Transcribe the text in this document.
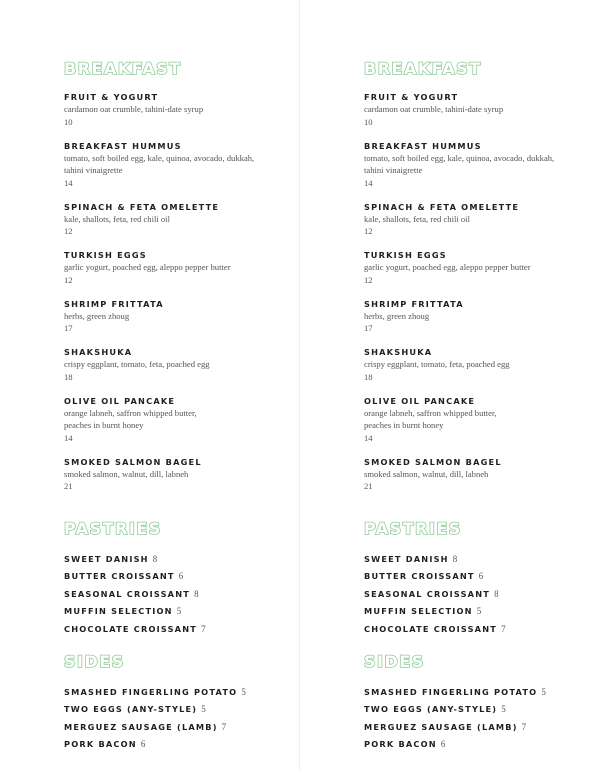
BREAKFAST
FRUIT & YOGURT
cardamon oat crumble, tahini-date syrup
10
BREAKFAST HUMMUS
tomato, soft boiled egg, kale, quinoa, avocado, dukkah, tahini vinaigrette
14
SPINACH & FETA OMELETTE
kale, shallots, feta, red chili oil
12
TURKISH EGGS
garlic yogurt, poached egg, aleppo pepper butter
12
SHRIMP FRITTATA
herbs, green zhoug
17
SHAKSHUKA
crispy eggplant, tomato, feta, poached egg
18
OLIVE OIL PANCAKE
orange labneh, saffron whipped butter, peaches in burnt honey
14
SMOKED SALMON BAGEL
smoked salmon, walnut, dill, labneh
21
PASTRIES
SWEET DANISH 8
BUTTER CROISSANT 6
SEASONAL CROISSANT 8
MUFFIN SELECTION 5
CHOCOLATE CROISSANT 7
SIDES
SMASHED FINGERLING POTATO 5
TWO EGGS (ANY-STYLE) 5
MERGUEZ SAUSAGE (LAMB) 7
PORK BACON 6
BREAKFAST
FRUIT & YOGURT
cardamon oat crumble, tahini-date syrup
10
BREAKFAST HUMMUS
tomato, soft boiled egg, kale, quinoa, avocado, dukkah, tahini vinaigrette
14
SPINACH & FETA OMELETTE
kale, shallots, feta, red chili oil
12
TURKISH EGGS
garlic yogurt, poached egg, aleppo pepper butter
12
SHRIMP FRITTATA
herbs, green zhoug
17
SHAKSHUKA
crispy eggplant, tomato, feta, poached egg
18
OLIVE OIL PANCAKE
orange labneh, saffron whipped butter, peaches in burnt honey
14
SMOKED SALMON BAGEL
smoked salmon, walnut, dill, labneh
21
PASTRIES
SWEET DANISH 8
BUTTER CROISSANT 6
SEASONAL CROISSANT 8
MUFFIN SELECTION 5
CHOCOLATE CROISSANT 7
SIDES
SMASHED FINGERLING POTATO 5
TWO EGGS (ANY-STYLE) 5
MERGUEZ SAUSAGE (LAMB) 7
PORK BACON 6
